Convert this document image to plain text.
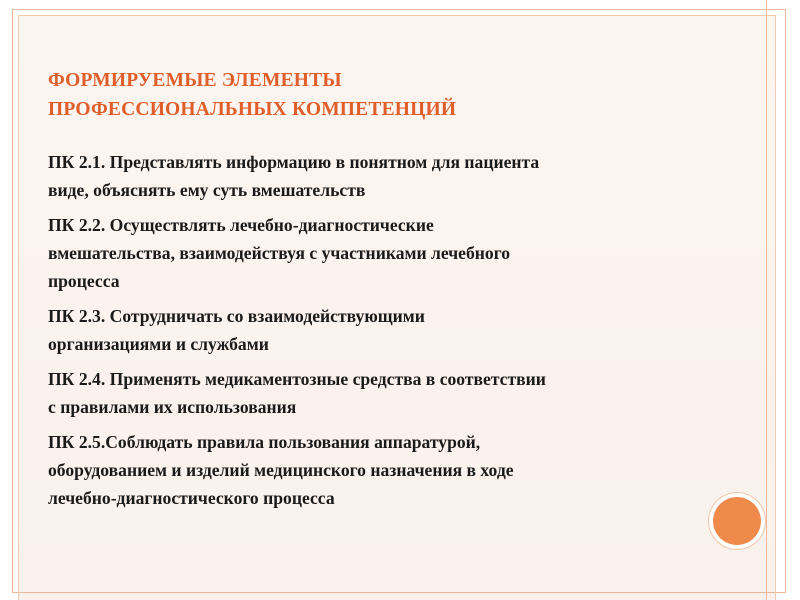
ФОРМИРУЕМЫЕ ЭЛЕМЕНТЫ
ПРОФЕССИОНАЛЬНЫХ КОМПЕТЕНЦИЙ
ПК 2.1. Представлять информацию в понятном для пациента
виде, объяснять ему суть вмешательств
ПК 2.2. Осуществлять лечебно-диагностические
вмешательства, взаимодействуя с участниками лечебного
процесса
ПК 2.3. Сотрудничать со взаимодействующими
организациями и службами
ПК 2.4. Применять медикаментозные средства в соответствии
с правилами их использования
ПК 2.5.Соблюдать правила пользования аппаратурой,
оборудованием и изделий медицинского назначения в ходе
лечебно-диагностического процесса
